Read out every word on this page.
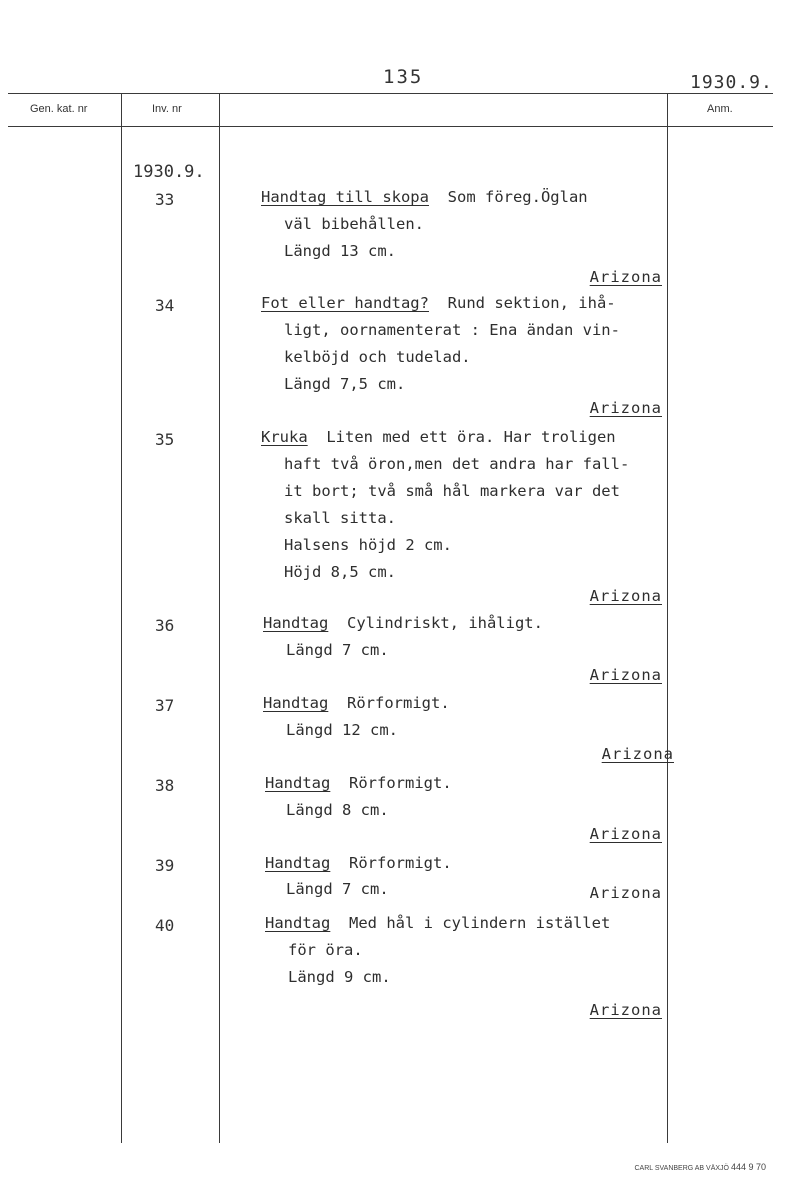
135	1930.9.
Gen. kat. nr	Inv. nr	Anm.
1930.9.
33	Handtag till skopa Som föreg.Öglan
väl bibehållen.
Längd 13 cm.
Arizona
34	Fot eller handtag? Rund sektion, ihå-
ligt, oornamenterat : Ena ändan vin-
kelböjd och tudelad.
Längd 7,5 cm.
Arizona
35	Kruka Liten med ett öra. Har troligen
haft två öron,men det andra har fall-
it bort; två små hål markera var det
skall sitta.
Halsens höjd 2 cm.
Höjd 8,5 cm.
Arizona
36	Handtag Cylindriskt, ihåligt.
Längd 7 cm.
Arizona
37	Handtag Rörformigt.
Längd 12 cm.
Arizona
38	Handtag Rörformigt.
Längd 8 cm.
Arizona
39	Handtag Rörformigt.
Längd 7 cm.	Arizona
40	Handtag Med hål i cylindern istället
för öra.
Längd 9 cm.
Arizona
CARL SVANBERG AB VÄXJÖ 444 9 70
